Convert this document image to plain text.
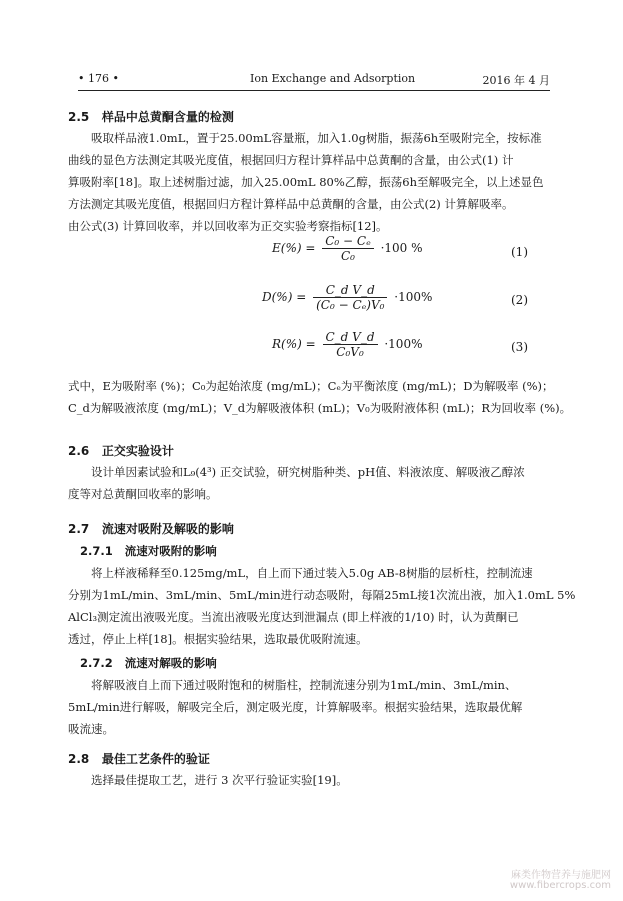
• 176 •	Ion Exchange and Adsorption	2016 年 4 月
2.5 样品中总黄酮含量的检测
吸取样品液1.0mL，置于25.00mL容量瓶，加入1.0g树脂，振荡6h至吸附完全，按标准
曲线的显色方法测定其吸光度值，根据回归方程计算样品中总黄酮的含量，由公式(1) 计
算吸附率[18]。取上述树脂过滤，加入25.00mL 80%乙醇，振荡6h至解吸完全，以上述显色
方法测定其吸光度值，根据回归方程计算样品中总黄酮的含量，由公式(2) 计算解吸率。
由公式(3) 计算回收率，并以回收率为正交实验考察指标[12]。
$E(\%) = \frac{\text{C₀ − Cₑ}}{\text{C₀}} \cdot 100$ %	(1)
$D(\%) = \frac{\text{C\_d V\_d}}{\text{(C₀ − Cₑ)V₀}} \cdot 100\%$	(2)
$R(\%) = \frac{\text{C\_d V\_d}}{\text{C₀V₀}} \cdot 100\%$	(3)
式中，E为吸附率 (%)；C₀为起始浓度 (mg/mL)；Cₑ为平衡浓度 (mg/mL)；D为解吸率 (%)；
C_d为解吸液浓度 (mg/mL)；V_d为解吸液体积 (mL)；V₀为吸附液体积 (mL)；R为回收率 (%)。
2.6 正交实验设计
设计单因素试验和L₉(4³) 正交试验，研究树脂种类、pH值、料液浓度、解吸液乙醇浓
度等对总黄酮回收率的影响。
2.7 流速对吸附及解吸的影响
2.7.1 流速对吸附的影响
将上样液稀释至0.125mg/mL，自上而下通过装入5.0g AB-8树脂的层析柱，控制流速
分别为1mL/min、3mL/min、5mL/min进行动态吸附，每隔25mL接1次流出液，加入1.0mL 5%
AlCl₃测定流出液吸光度。当流出液吸光度达到泄漏点 (即上样液的1/10) 时，认为黄酮已
透过，停止上样[18]。根据实验结果，选取最优吸附流速。
2.7.2 流速对解吸的影响
将解吸液自上而下通过吸附饱和的树脂柱，控制流速分别为1mL/min、3mL/min、
5mL/min进行解吸，解吸完全后，测定吸光度，计算解吸率。根据实验结果，选取最优解
吸流速。
2.8 最佳工艺条件的验证
选择最佳提取工艺，进行 3 次平行验证实验[19]。
麻类作物营养与施肥网
www.fibercrops.com
